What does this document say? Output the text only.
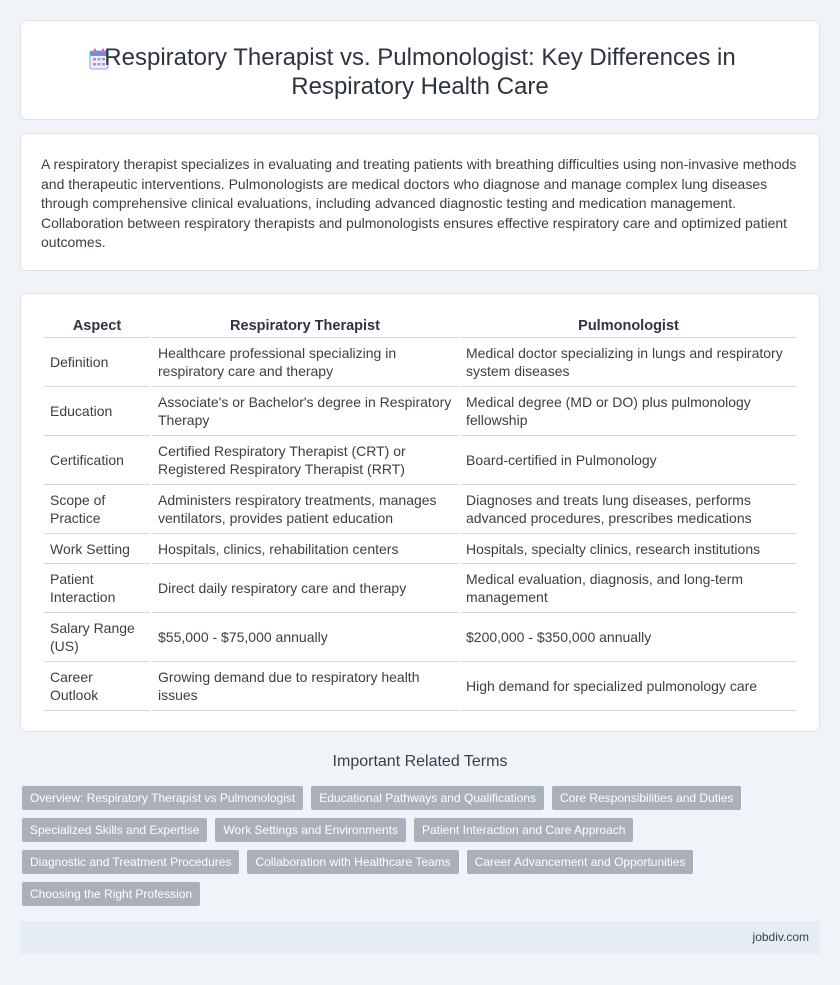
Respiratory Therapist vs. Pulmonologist: Key Differences in Respiratory Health Care
A respiratory therapist specializes in evaluating and treating patients with breathing difficulties using non-invasive methods and therapeutic interventions. Pulmonologists are medical doctors who diagnose and manage complex lung diseases through comprehensive clinical evaluations, including advanced diagnostic testing and medication management. Collaboration between respiratory therapists and pulmonologists ensures effective respiratory care and optimized patient outcomes.
Aspect	Respiratory Therapist	Pulmonologist
Definition	Healthcare professional specializing in respiratory care and therapy	Medical doctor specializing in lungs and respiratory system diseases
Education	Associate's or Bachelor's degree in Respiratory Therapy	Medical degree (MD or DO) plus pulmonology fellowship
Certification	Certified Respiratory Therapist (CRT) or Registered Respiratory Therapist (RRT)	Board-certified in Pulmonology
Scope of Practice	Administers respiratory treatments, manages ventilators, provides patient education	Diagnoses and treats lung diseases, performs advanced procedures, prescribes medications
Work Setting	Hospitals, clinics, rehabilitation centers	Hospitals, specialty clinics, research institutions
Patient Interaction	Direct daily respiratory care and therapy	Medical evaluation, diagnosis, and long-term management
Salary Range (US)	$55,000 - $75,000 annually	$200,000 - $350,000 annually
Career Outlook	Growing demand due to respiratory health issues	High demand for specialized pulmonology care
Important Related Terms
Overview: Respiratory Therapist vs Pulmonologist	Educational Pathways and Qualifications	Core Responsibilities and Duties
Specialized Skills and Expertise	Work Settings and Environments	Patient Interaction and Care Approach
Diagnostic and Treatment Procedures	Collaboration with Healthcare Teams	Career Advancement and Opportunities
Choosing the Right Profession
jobdiv.com
